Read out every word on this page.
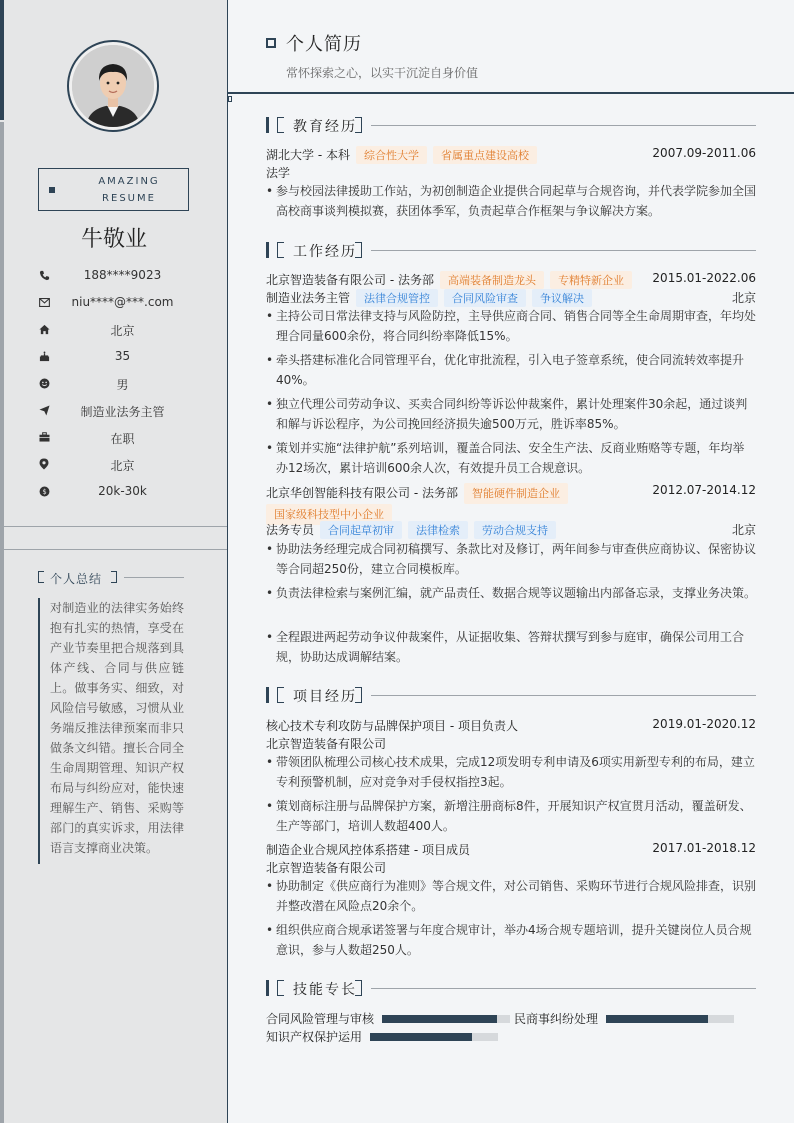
AMAZING
RESUME
牛敬业
188****9023
niu****@***.com
北京
35
男
制造业法务主管
在职
北京
$	20k-30k
个人总结
对制造业的法律实务始终抱有扎实的热情，享受在产业节奏里把合规落到具体产线、合同与供应链上。做事务实、细致，对风险信号敏感，习惯从业务端反推法律预案而非只做条文纠错。擅长合同全生命周期管理、知识产权布局与纠纷应对，能快速理解生产、销售、采购等部门的真实诉求，用法律语言支撑商业决策。
个人简历
常怀探索之心，以实干沉淀自身价值
教育经历
湖北大学 - 本科 综合性大学 省属重点建设高校	2007.09-2011.06
法学
• 参与校园法律援助工作站，为初创制造企业提供合同起草与合规咨询，并代表学院参加全国高校商事谈判模拟赛，获团体季军，负责起草合作框架与争议解决方案。
工作经历
北京智造装备有限公司 - 法务部 高端装备制造龙头 专精特新企业	2015.01-2022.06
制造业法务主管 法律合规管控 合同风险审查 争议解决	北京
• 主持公司日常法律支持与风险防控，主导供应商合同、销售合同等全生命周期审查，年均处理合同量600余份，将合同纠纷率降低15%。
• 牵头搭建标准化合同管理平台，优化审批流程，引入电子签章系统，使合同流转效率提升40%。
• 独立代理公司劳动争议、买卖合同纠纷等诉讼仲裁案件，累计处理案件30余起，通过谈判和解与诉讼程序，为公司挽回经济损失逾500万元，胜诉率85%。
• 策划并实施“法律护航”系列培训，覆盖合同法、安全生产法、反商业贿赂等专题，年均举办12场次，累计培训600余人次，有效提升员工合规意识。
北京华创智能科技有限公司 - 法务部 智能硬件制造企业
国家级科技型中小企业
2012.07-2014.12
法务专员 合同起草初审 法律检索 劳动合规支持	北京
• 协助法务经理完成合同初稿撰写、条款比对及修订，两年间参与审查供应商协议、保密协议等合同超250份，建立合同模板库。
• 负责法律检索与案例汇编，就产品责任、数据合规等议题输出内部备忘录，支撑业务决策。
• 全程跟进两起劳动争议仲裁案件，从证据收集、答辩状撰写到参与庭审，确保公司用工合规，协助达成调解结案。
项目经历
核心技术专利攻防与品牌保护项目 - 项目负责人	2019.01-2020.12
北京智造装备有限公司
• 带领团队梳理公司核心技术成果，完成12项发明专利申请及6项实用新型专利的布局，建立专利预警机制，应对竞争对手侵权指控3起。
• 策划商标注册与品牌保护方案，新增注册商标8件，开展知识产权宣贯月活动，覆盖研发、生产等部门，培训人数超400人。
制造企业合规风控体系搭建 - 项目成员	2017.01-2018.12
北京智造装备有限公司
• 协助制定《供应商行为准则》等合规文件，对公司销售、采购环节进行合规风险排查，识别并整改潜在风险点20余个。
• 组织供应商合规承诺签署与年度合规审计，举办4场合规专题培训，提升关键岗位人员合规意识，参与人数超250人。
技能专长
合同风险管理与审核	民商事纠纷处理
知识产权保护运用
